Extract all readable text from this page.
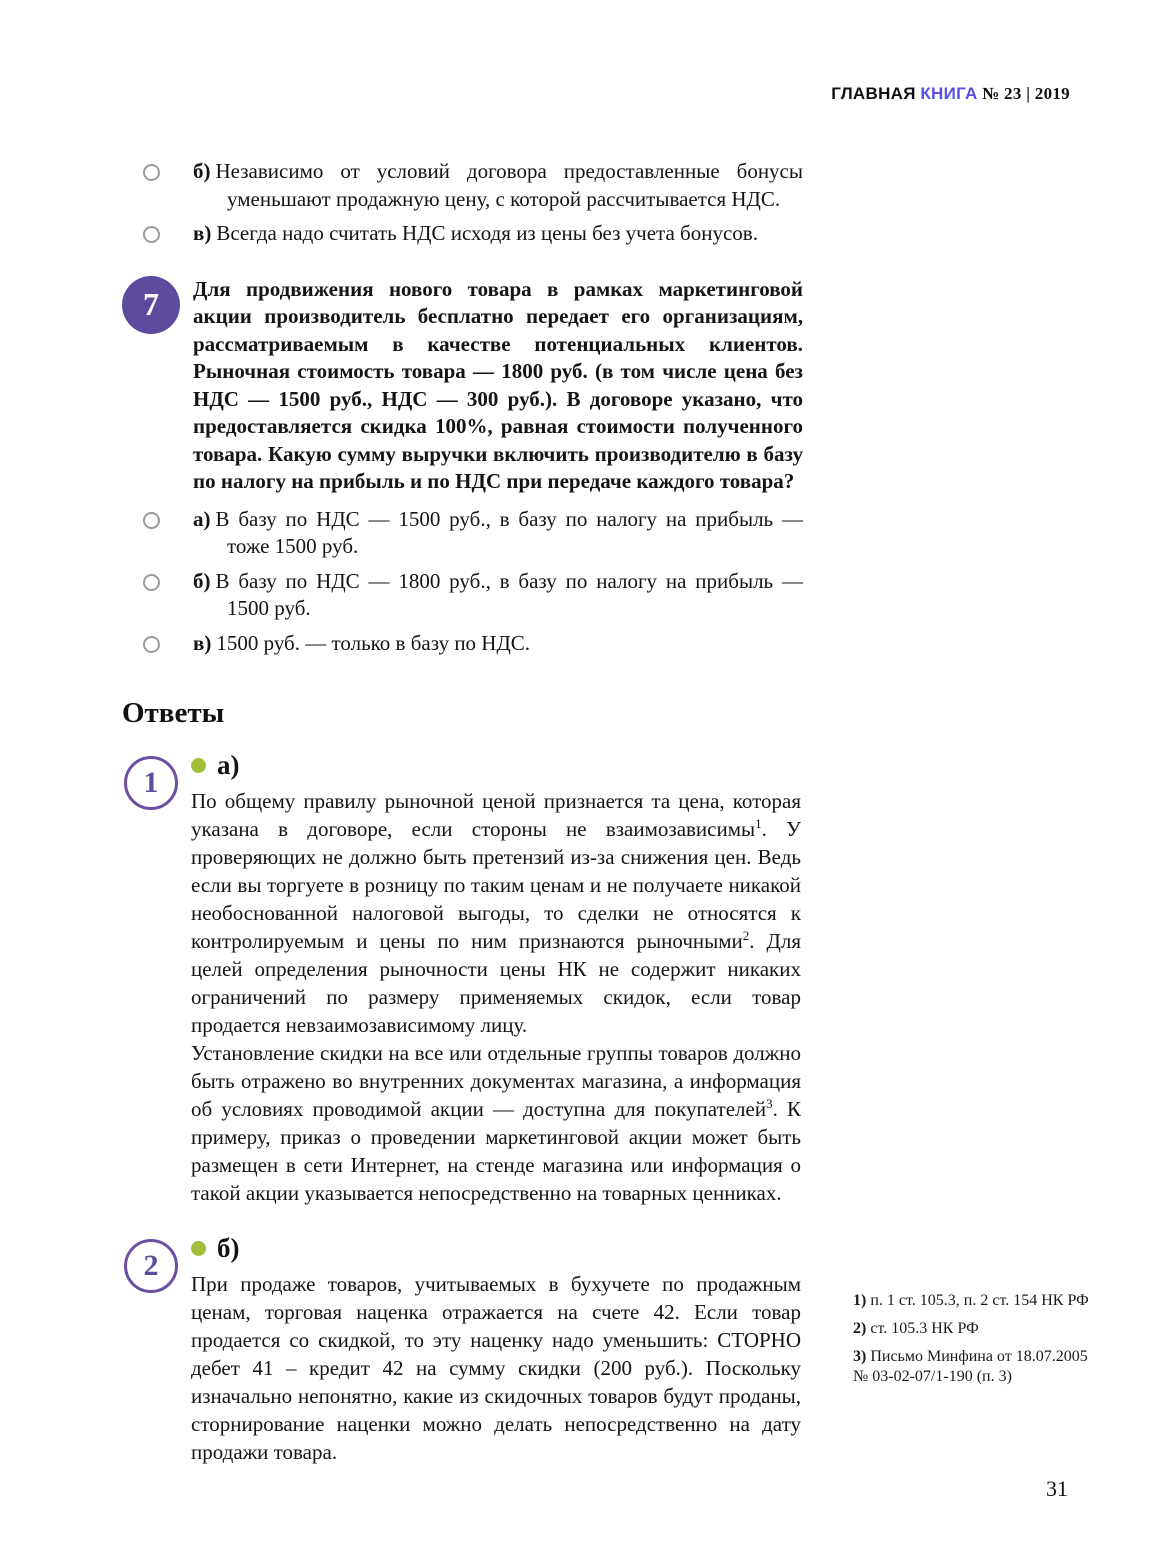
ГЛАВНАЯ КНИГА № 23 | 2019
б) Независимо от условий договора предоставленные бонусы уменьшают продажную цену, с которой рассчитывается НДС.
в) Всегда надо считать НДС исходя из цены без учета бонусов.
7 Для продвижения нового товара в рамках маркетинговой акции производитель бесплатно передает его организациям, рассматриваемым в качестве потенциальных клиентов. Рыночная стоимость товара — 1800 руб. (в том числе цена без НДС — 1500 руб., НДС — 300 руб.). В договоре указано, что предоставляется скидка 100%, равная стоимости полученного товара. Какую сумму выручки включить производителю в базу по налогу на прибыль и по НДС при передаче каждого товара?
а) В базу по НДС — 1500 руб., в базу по налогу на прибыль — тоже 1500 руб.
б) В базу по НДС — 1800 руб., в базу по налогу на прибыль — 1500 руб.
в) 1500 руб. — только в базу по НДС.
Ответы
1
а)

По общему правилу рыночной ценой признается та цена, которая указана в договоре, если стороны не взаимозависимы$^1$. У проверяющих не должно быть претензий из-за снижения цен. Ведь если вы торгуете в розницу по таким ценам и не получаете никакой необоснованной налоговой выгоды, то сделки не относятся к контролируемым и цены по ним признаются рыночными$^2$. Для целей определения рыночности цены НК не содержит никаких ограничений по размеру применяемых скидок, если товар продается невзаимозависимому лицу.

Установление скидки на все или отдельные группы товаров должно быть отражено во внутренних документах магазина, а информация об условиях проводимой акции — доступна для покупателей$^3$. К примеру, приказ о проведении маркетинговой акции может быть размещен в сети Интернет, на стенде магазина или информация о такой акции указывается непосредственно на товарных ценниках.

2
б)

При продаже товаров, учитываемых в бухучете по продажным ценам, торговая наценка отражается на счете 42. Если товар продается со скидкой, то эту наценку надо уменьшить: СТОРНО дебет 41 – кредит 42 на сумму скидки (200 руб.). Поскольку изначально непонятно, какие из скидочных товаров будут проданы, сторнирование наценки можно делать непосредственно на дату продажи товара.

1) п. 1 ст. 105.3, п. 2 ст. 154 НК РФ
2) ст. 105.3 НК РФ
3) Письмо Минфина от 18.07.2005 № 03-02-07/1-190 (п. 3)
31
